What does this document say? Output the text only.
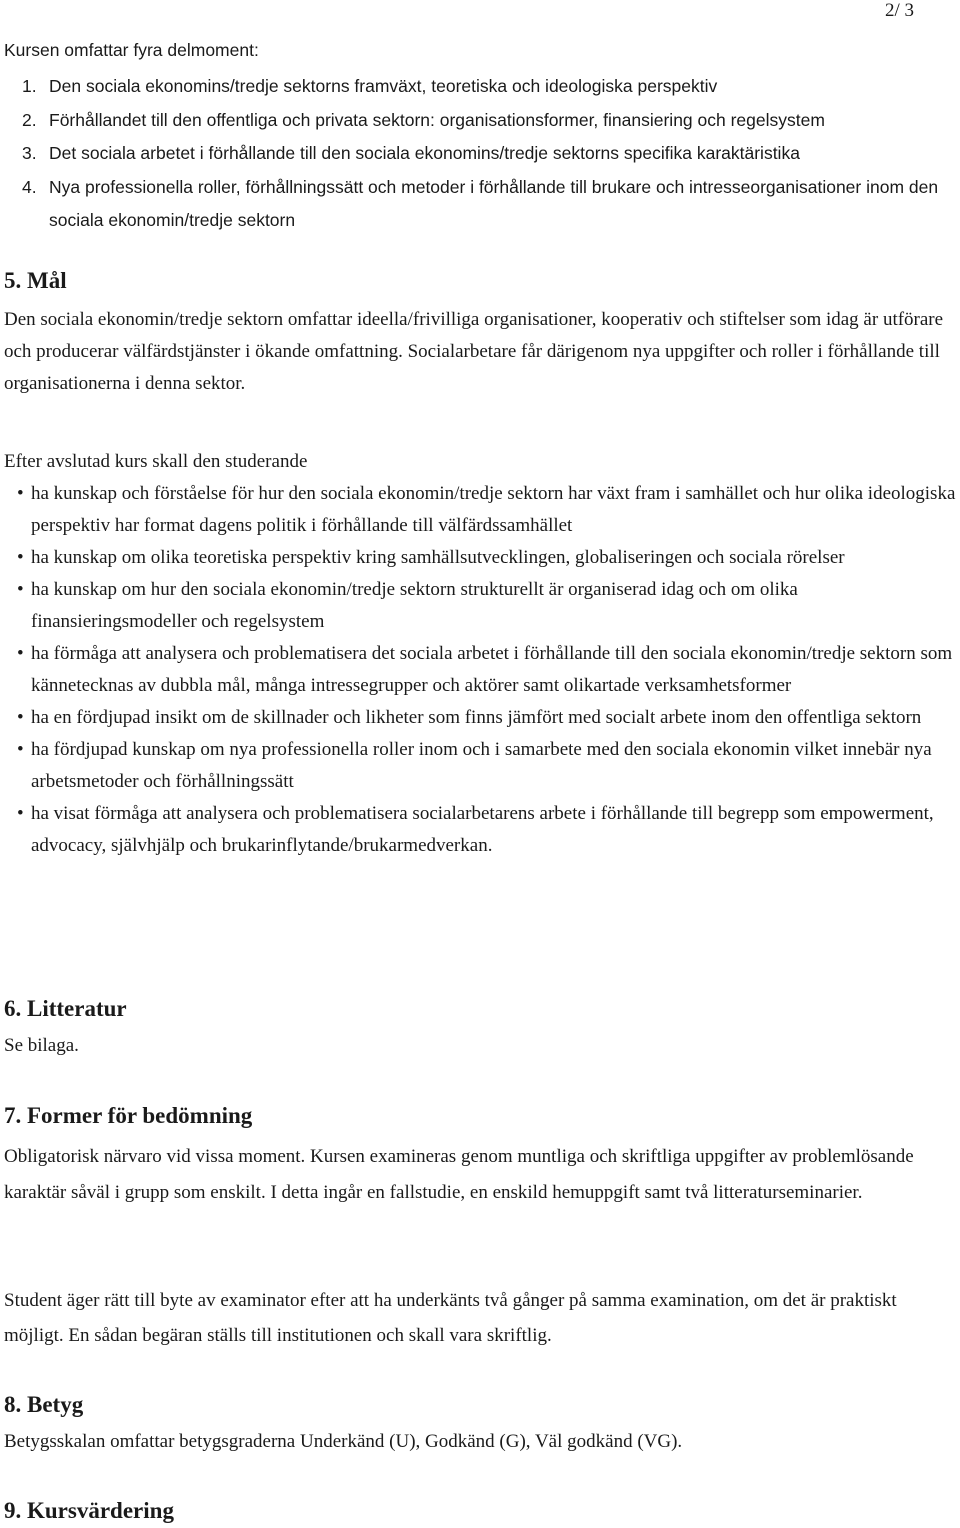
2/ 3
Kursen omfattar fyra delmoment:
1. Den sociala ekonomins/tredje sektorns framväxt, teoretiska och ideologiska perspektiv
2. Förhållandet till den offentliga och privata sektorn: organisationsformer, finansiering och regelsystem
3. Det sociala arbetet i förhållande till den sociala ekonomins/tredje sektorns specifika karaktäristika
4. Nya professionella roller, förhållningssätt och metoder i förhållande till brukare och intresseorganisationer inom den sociala ekonomin/tredje sektorn
5. Mål

Den sociala ekonomin/tredje sektorn omfattar ideella/frivilliga organisationer, kooperativ och stiftelser som idag är utförare och producerar välfärdstjänster i ökande omfattning. Socialarbetare får därigenom nya uppgifter och roller i förhållande till organisationerna i denna sektor.

Efter avslutad kurs skall den studerande

• ha kunskap och förståelse för hur den sociala ekonomin/tredje sektorn har växt fram i samhället och hur olika ideologiska perspektiv har format dagens politik i förhållande till välfärdssamhället
• ha kunskap om olika teoretiska perspektiv kring samhällsutvecklingen, globaliseringen och sociala rörelser
• ha kunskap om hur den sociala ekonomin/tredje sektorn strukturellt är organiserad idag och om olika finansieringsmodeller och regelsystem
• ha förmåga att analysera och problematisera det sociala arbetet i förhållande till den sociala ekonomin/tredje sektorn som kännetecknas av dubbla mål, många intressegrupper och aktörer samt olikartade verksamhetsformer
• ha en fördjupad insikt om de skillnader och likheter som finns jämfört med socialt arbete inom den offentliga sektorn
• ha fördjupad kunskap om nya professionella roller inom och i samarbete med den sociala ekonomin vilket innebär nya arbetsmetoder och förhållningssätt
• ha visat förmåga att analysera och problematisera socialarbetarens arbete i förhållande till begrepp som empowerment, advocacy, självhjälp och brukarinflytande/brukarmedverkan.
6. Litteratur

Se bilaga.

7. Former för bedömning

Obligatorisk närvaro vid vissa moment. Kursen examineras genom muntliga och skriftliga uppgifter av problemlösande karaktär såväl i grupp som enskilt. I detta ingår en fallstudie, en enskild hemuppgift samt två litteraturseminarier.

Student äger rätt till byte av examinator efter att ha underkänts två gånger på samma examination, om det är praktiskt möjligt. En sådan begäran ställs till institutionen och skall vara skriftlig.

8. Betyg

Betygsskalan omfattar betygsgraderna Underkänd (U), Godkänd (G), Väl godkänd (VG).

9. Kursvärdering
